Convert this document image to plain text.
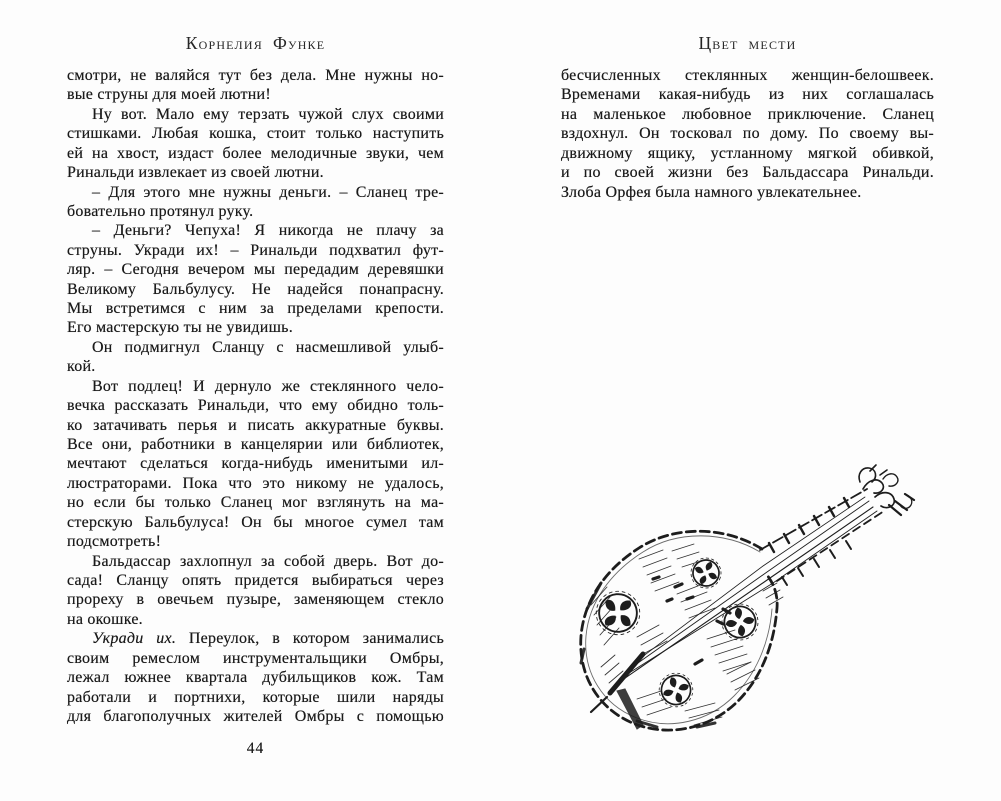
КОРНЕЛИЯ ФУНКЕ
смотри, не валяйся тут без дела. Мне нужны но-
вые струны для моей лютни!
Ну вот. Мало ему терзать чужой слух своими
стишками. Любая кошка, стоит только наступить
ей на хвост, издаст более мелодичные звуки, чем
Ринальди извлекает из своей лютни.
– Для этого мне нужны деньги. – Сланец тре-
бовательно протянул руку.
– Деньги? Чепуха! Я никогда не плачу за
струны. Укради их! – Ринальди подхватил фут-
ляр. – Сегодня вечером мы передадим деревяшки
Великому Бальбулусу. Не надейся понапрасну.
Мы встретимся с ним за пределами крепости.
Его мастерскую ты не увидишь.
Он подмигнул Сланцу с насмешливой улыб-
кой.
Вот подлец! И дернуло же стеклянного чело-
вечка рассказать Ринальди, что ему обидно толь-
ко затачивать перья и писать аккуратные буквы.
Все они, работники в канцелярии или библиотек,
мечтают сделаться когда-нибудь именитыми ил-
люстраторами. Пока что это никому не удалось,
но если бы только Сланец мог взглянуть на ма-
стерскую Бальбулуса! Он бы многое сумел там
подсмотреть!
Бальдассар захлопнул за собой дверь. Вот до-
сада! Сланцу опять придется выбираться через
прореху в овечьем пузыре, заменяющем стекло
на окошке.
Укради их. Переулок, в котором занимались
своим ремеслом инструментальщики Омбры,
лежал южнее квартала дубильщиков кож. Там
работали и портнихи, которые шили наряды
для благополучных жителей Омбры с помощью
ЦВЕТ МЕСТИ
бесчисленных стеклянных женщин-белошвеек.
Временами какая-нибудь из них соглашалась
на маленькое любовное приключение. Сланец
вздохнул. Он тосковал по дому. По своему вы-
движному ящику, устланному мягкой обивкой,
и по своей жизни без Бальдассара Ринальди.
Злоба Орфея была намного увлекательнее.
44
